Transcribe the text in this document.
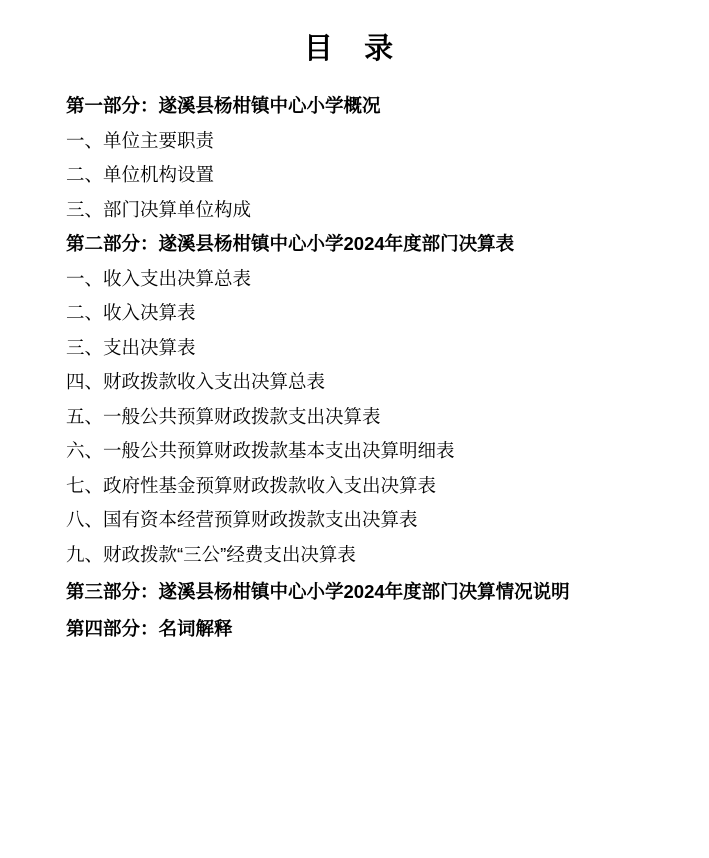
目 录
第一部分：遂溪县杨柑镇中心小学概况
一、单位主要职责
二、单位机构设置
三、部门决算单位构成
第二部分：遂溪县杨柑镇中心小学2024年度部门决算表
一、收入支出决算总表
二、收入决算表
三、支出决算表
四、财政拨款收入支出决算总表
五、一般公共预算财政拨款支出决算表
六、一般公共预算财政拨款基本支出决算明细表
七、政府性基金预算财政拨款收入支出决算表
八、国有资本经营预算财政拨款支出决算表
九、财政拨款“三公”经费支出决算表
第三部分：遂溪县杨柑镇中心小学2024年度部门决算情况说明
第四部分：名词解释
